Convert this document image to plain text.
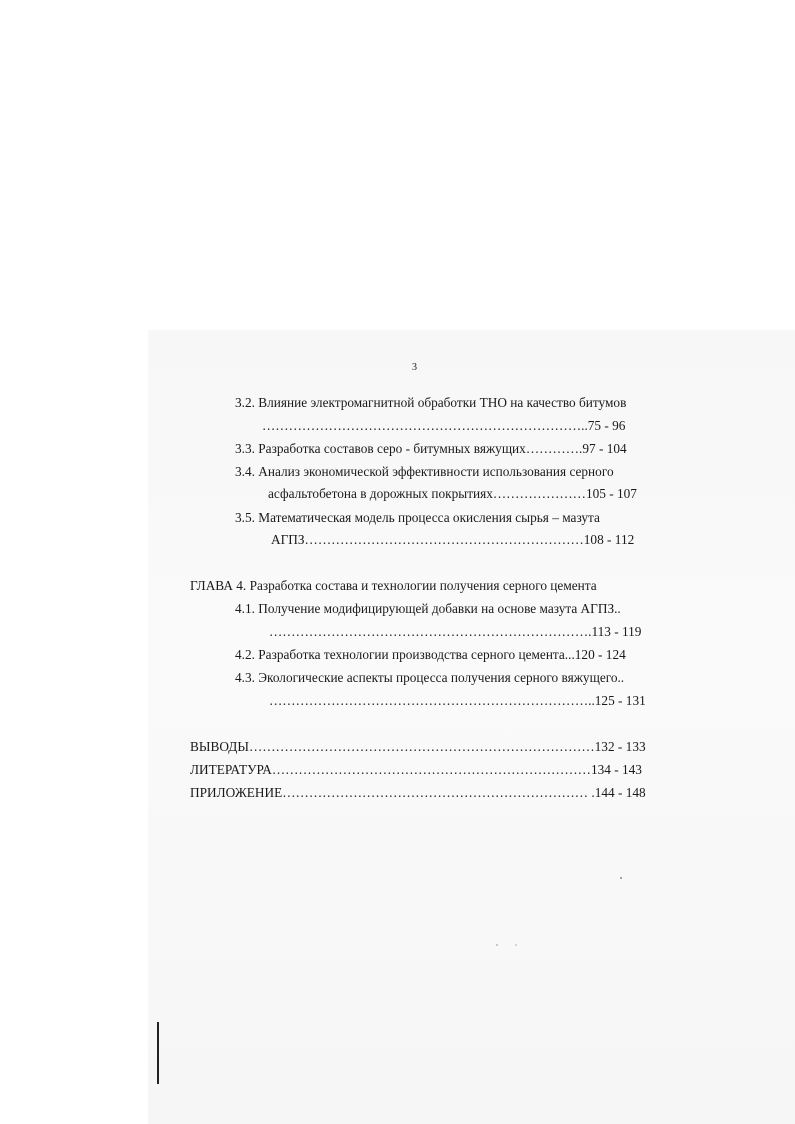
3
3.2. Влияние электромагнитной обработки ТНО на качество битумов
………………………………………………………………..75 - 96
3.3. Разработка составов серо - битумных вяжущих………….97 - 104
3.4. Анализ экономической эффективности использования серного
асфальтобетона в дорожных покрытиях…………………105 - 107
3.5. Математическая модель процесса окисления сырья – мазута
АГПЗ………………………………………………………108 - 112
ГЛАВА 4. Разработка состава и технологии получения серного цемента
4.1. Получение модифицирующей добавки на основе мазута АГПЗ..
……………………………………………………………….113 - 119
4.2. Разработка технологии производства серного цемента...120 - 124
4.3. Экологические аспекты процесса получения серного вяжущего..
………………………………………………………………..125 - 131
ВЫВОДЫ……………………………………………………………………132 - 133
ЛИТЕРАТУРА………………………………………………………………134 - 143
ПРИЛОЖЕНИЕ…………………………………………………………… .144 - 148
